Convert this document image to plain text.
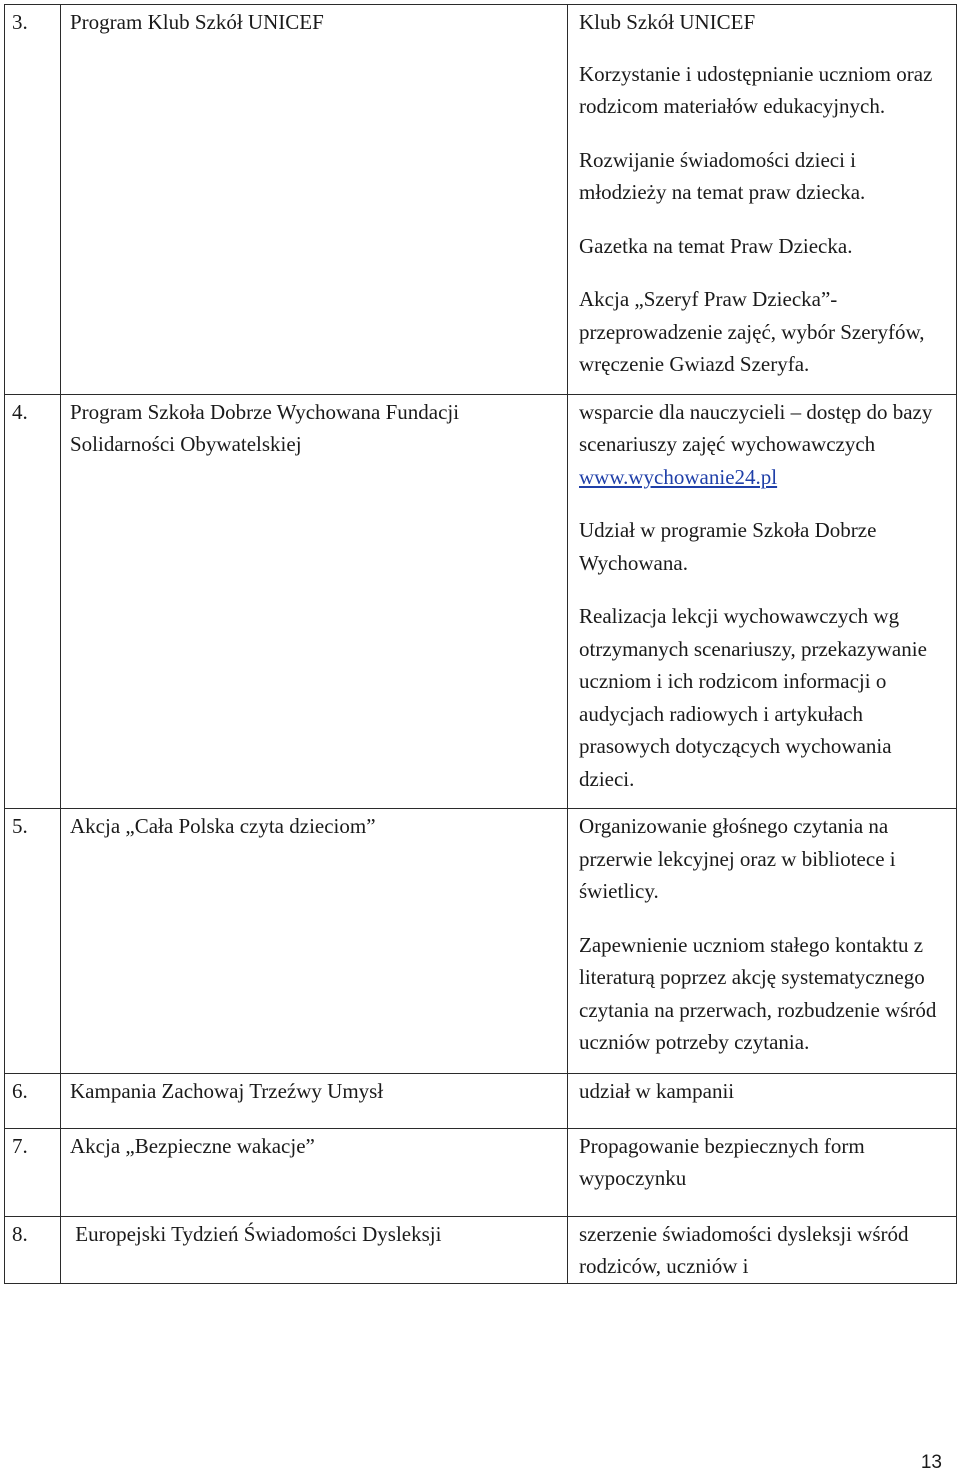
3.	Program Klub Szkół UNICEF	Klub Szkół UNICEF

Korzystanie i udostępnianie uczniom oraz rodzicom materiałów edukacyjnych.

Rozwijanie świadomości dzieci i młodzieży na temat praw dziecka.

Gazetka na temat Praw Dziecka.

Akcja „Szeryf Praw Dziecka”- przeprowadzenie zajęć, wybór Szeryfów, wręczenie Gwiazd Szeryfa.

4.	Program Szkoła Dobrze Wychowana Fundacji Solidarności Obywatelskiej	wsparcie dla nauczycieli – dostęp do bazy scenariuszy zajęć wychowawczych www.wychowanie24.pl

Udział w programie Szkoła Dobrze Wychowana.

Realizacja lekcji wychowawczych wg otrzymanych scenariuszy, przekazywanie uczniom i ich rodzicom informacji o audycjach radiowych i artykułach prasowych dotyczących wychowania dzieci.

5.	Akcja „Cała Polska czyta dzieciom”	Organizowanie głośnego czytania na przerwie lekcyjnej oraz w bibliotece i świetlicy.

Zapewnienie uczniom stałego kontaktu z literaturą poprzez akcję systematycznego czytania na przerwach, rozbudzenie wśród uczniów potrzeby czytania.

6.	Kampania Zachowaj Trzeźwy Umysł	udział w kampanii

7.	Akcja „Bezpieczne wakacje”	Propagowanie bezpiecznych form wypoczynku

8.	Europejski Tydzień Świadomości Dysleksji	szerzenie świadomości dysleksji wśród rodziców, uczniów i

13
